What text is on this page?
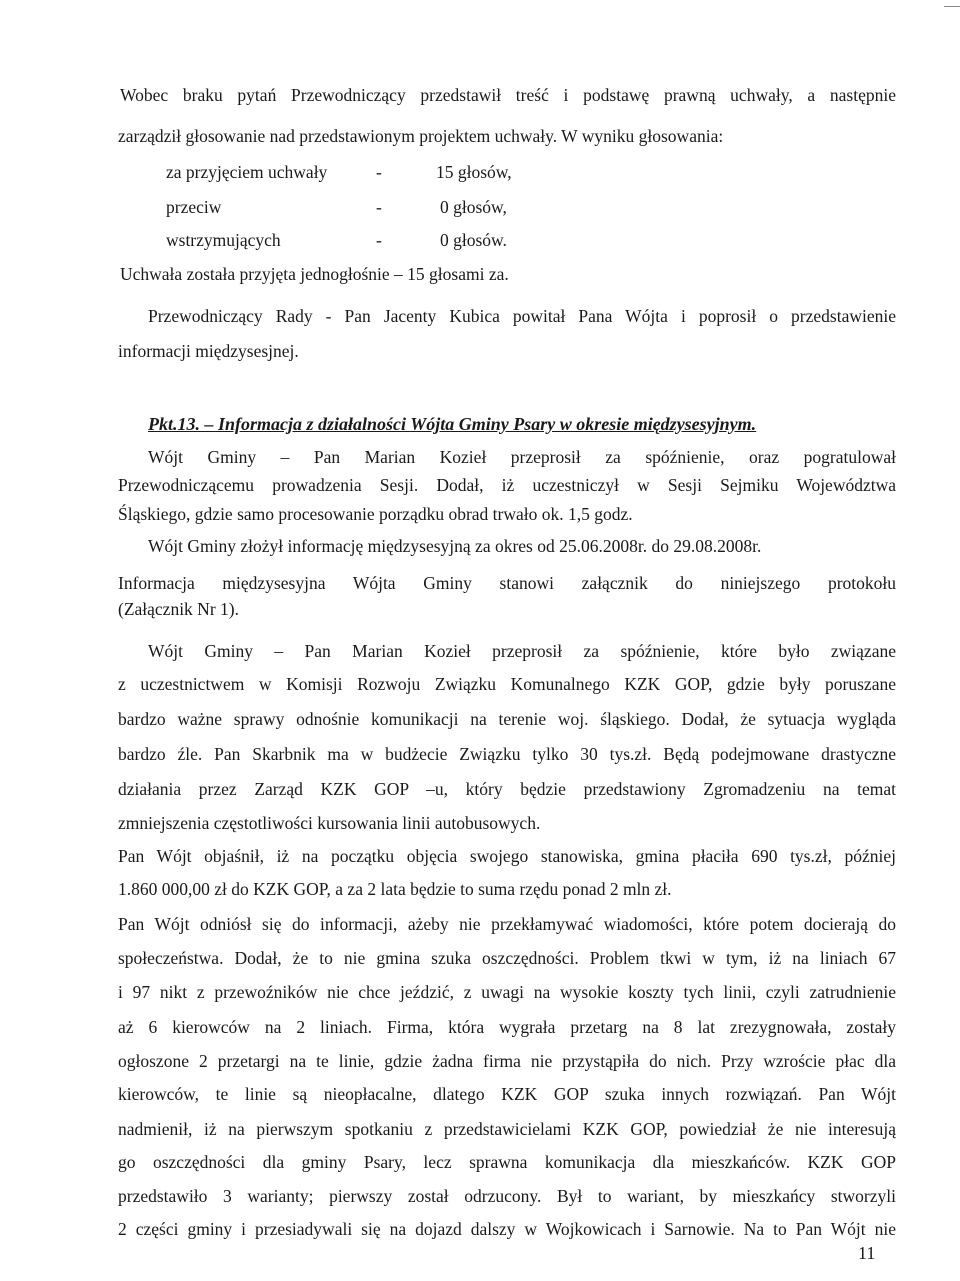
Wobec braku pytań Przewodniczący przedstawił treść i podstawę prawną uchwały, a następnie
zarządził głosowanie nad przedstawionym projektem uchwały. W wyniku głosowania:
za przyjęciem uchwały	-	15 głosów,
przeciw	-	0 głosów,
wstrzymujących	-	0 głosów.
Uchwała została przyjęta jednogłośnie – 15 głosami za.
Przewodniczący Rady - Pan Jacenty Kubica powitał Pana Wójta i poprosił o przedstawienie
informacji międzysesjnej.
Pkt.13. – Informacja z działalności Wójta Gminy Psary w okresie międzysesyjnym.
Wójt Gminy – Pan Marian Kozieł przeprosił za spóźnienie, oraz pogratulował
Przewodniczącemu prowadzenia Sesji. Dodał, iż uczestniczył w Sesji Sejmiku Województwa
Śląskiego, gdzie samo procesowanie porządku obrad trwało ok. 1,5 godz.
Wójt Gminy złożył informację międzysesyjną za okres od 25.06.2008r. do 29.08.2008r.
Informacja międzysesyjna Wójta Gminy stanowi załącznik do niniejszego protokołu
(Załącznik Nr 1).
Wójt Gminy – Pan Marian Kozieł przeprosił za spóźnienie, które było związane
z uczestnictwem w Komisji Rozwoju Związku Komunalnego KZK GOP, gdzie były poruszane
bardzo ważne sprawy odnośnie komunikacji na terenie woj. śląskiego. Dodał, że sytuacja wygląda
bardzo źle. Pan Skarbnik ma w budżecie Związku tylko 30 tys.zł. Będą podejmowane drastyczne
działania przez Zarząd KZK GOP –u, który będzie przedstawiony Zgromadzeniu na temat
zmniejszenia częstotliwości kursowania linii autobusowych.
Pan Wójt objaśnił, iż na początku objęcia swojego stanowiska, gmina płaciła 690 tys.zł, później
1.860 000,00 zł do KZK GOP, a za 2 lata będzie to suma rzędu ponad 2 mln zł.
Pan Wójt odniósł się do informacji, ażeby nie przekłamywać wiadomości, które potem docierają do
społeczeństwa. Dodał, że to nie gmina szuka oszczędności. Problem tkwi w tym, iż na liniach 67
i 97 nikt z przewoźników nie chce jeździć, z uwagi na wysokie koszty tych linii, czyli zatrudnienie
aż 6 kierowców na 2 liniach. Firma, która wygrała przetarg na 8 lat zrezygnowała, zostały
ogłoszone 2 przetargi na te linie, gdzie żadna firma nie przystąpiła do nich. Przy wzroście płac dla
kierowców, te linie są nieopłacalne, dlatego KZK GOP szuka innych rozwiązań. Pan Wójt
nadmienił, iż na pierwszym spotkaniu z przedstawicielami KZK GOP, powiedział że nie interesują
go oszczędności dla gminy Psary, lecz sprawna komunikacja dla mieszkańców. KZK GOP
przedstawiło 3 warianty; pierwszy został odrzucony. Był to wariant, by mieszkańcy stworzyli
2 części gminy i przesiadywali się na dojazd dalszy w Wojkowicach i Sarnowie. Na to Pan Wójt nie
11
